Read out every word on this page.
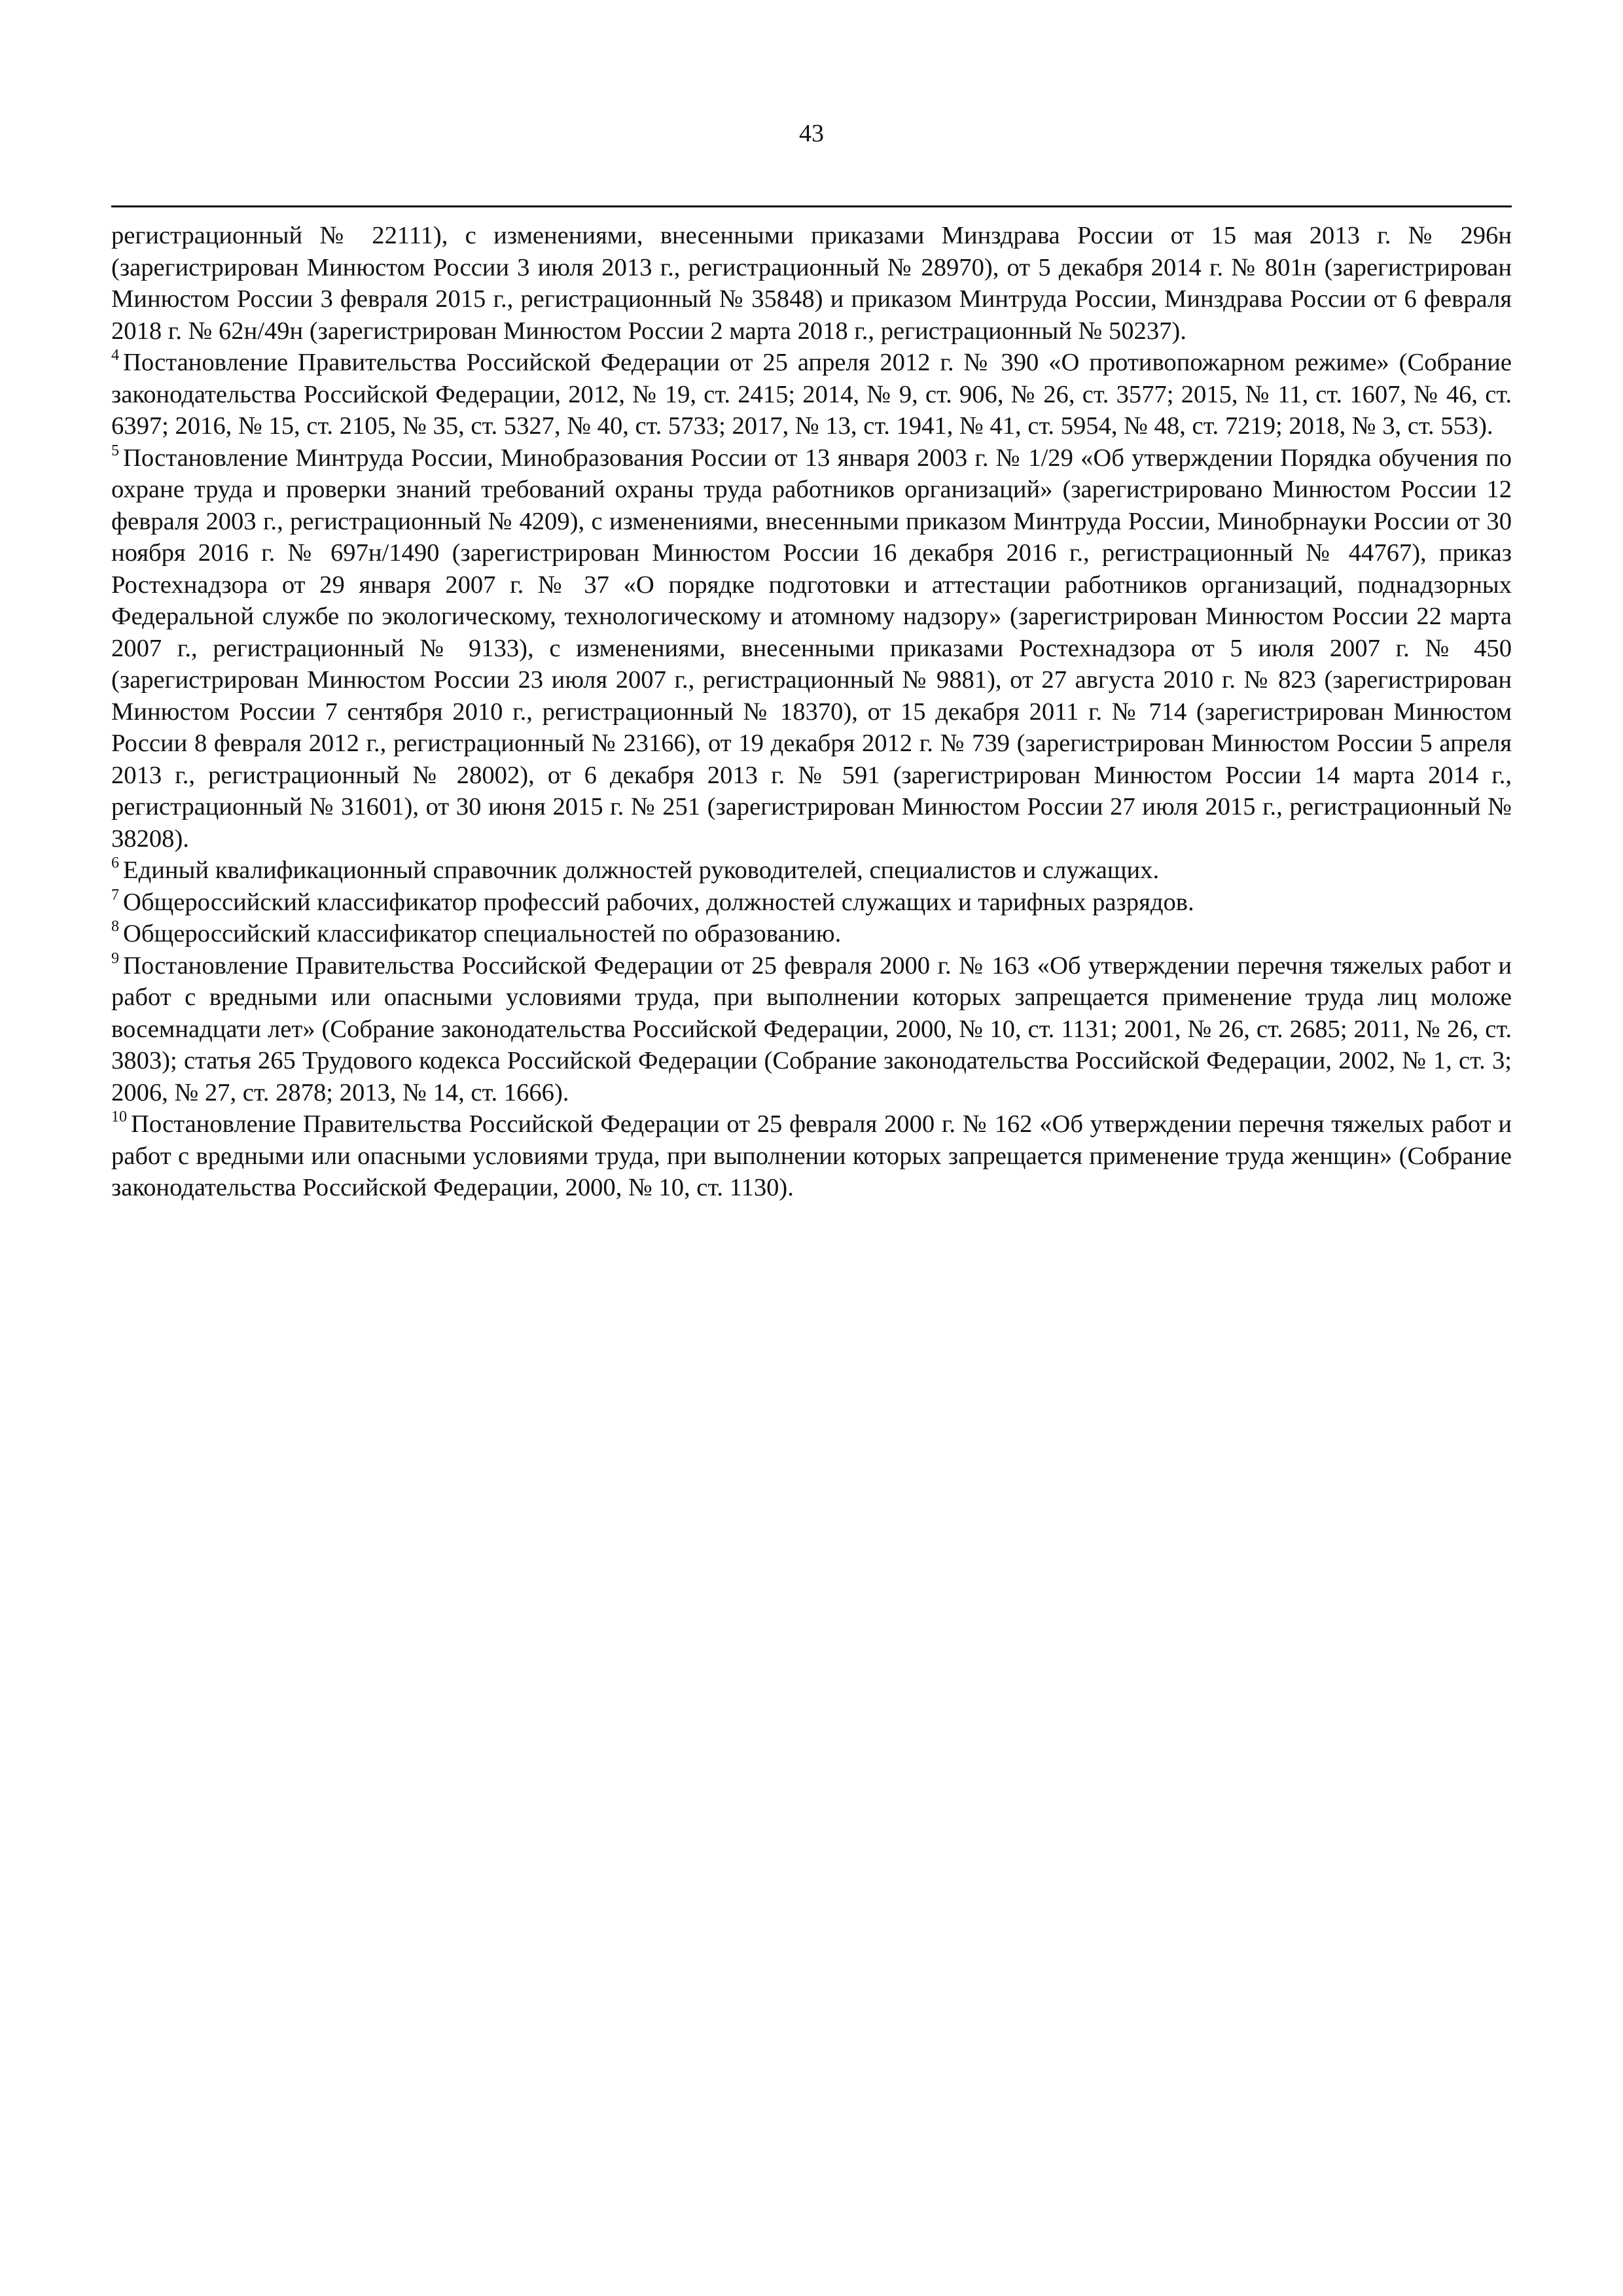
43

регистрационный № 22111), с изменениями, внесенными приказами Минздрава России от 15 мая 2013 г. № 296н (зарегистрирован Минюстом России 3 июля 2013 г., регистрационный № 28970), от 5 декабря 2014 г. № 801н (зарегистрирован Минюстом России 3 февраля 2015 г., регистрационный № 35848) и приказом Минтруда России, Минздрава России от 6 февраля 2018 г. № 62н/49н (зарегистрирован Минюстом России 2 марта 2018 г., регистрационный № 50237).

$^4$ Постановление Правительства Российской Федерации от 25 апреля 2012 г. № 390 «О противопожарном режиме» (Собрание законодательства Российской Федерации, 2012, № 19, ст. 2415; 2014, № 9, ст. 906, № 26, ст. 3577; 2015, № 11, ст. 1607, № 46, ст. 6397; 2016, № 15, ст. 2105, № 35, ст. 5327, № 40, ст. 5733; 2017, № 13, ст. 1941, № 41, ст. 5954, № 48, ст. 7219; 2018, № 3, ст. 553).

$^5$ Постановление Минтруда России, Минобразования России от 13 января 2003 г. № 1/29 «Об утверждении Порядка обучения по охране труда и проверки знаний требований охраны труда работников организаций» (зарегистрировано Минюстом России 12 февраля 2003 г., регистрационный № 4209), с изменениями, внесенными приказом Минтруда России, Минобрнауки России от 30 ноября 2016 г. № 697н/1490 (зарегистрирован Минюстом России 16 декабря 2016 г., регистрационный № 44767), приказ Ростехнадзора от 29 января 2007 г. № 37 «О порядке подготовки и аттестации работников организаций, поднадзорных Федеральной службе по экологическому, технологическому и атомному надзору» (зарегистрирован Минюстом России 22 марта 2007 г., регистрационный № 9133), с изменениями, внесенными приказами Ростехнадзора от 5 июля 2007 г. № 450 (зарегистрирован Минюстом России 23 июля 2007 г., регистрационный № 9881), от 27 августа 2010 г. № 823 (зарегистрирован Минюстом России 7 сентября 2010 г., регистрационный № 18370), от 15 декабря 2011 г. № 714 (зарегистрирован Минюстом России 8 февраля 2012 г., регистрационный № 23166), от 19 декабря 2012 г. № 739 (зарегистрирован Минюстом России 5 апреля 2013 г., регистрационный № 28002), от 6 декабря 2013 г. № 591 (зарегистрирован Минюстом России 14 марта 2014 г., регистрационный № 31601), от 30 июня 2015 г. № 251 (зарегистрирован Минюстом России 27 июля 2015 г., регистрационный № 38208).

$^6$ Единый квалификационный справочник должностей руководителей, специалистов и служащих.

$^7$ Общероссийский классификатор профессий рабочих, должностей служащих и тарифных разрядов.

$^8$ Общероссийский классификатор специальностей по образованию.

$^9$ Постановление Правительства Российской Федерации от 25 февраля 2000 г. № 163 «Об утверждении перечня тяжелых работ и работ с вредными или опасными условиями труда, при выполнении которых запрещается применение труда лиц моложе восемнадцати лет» (Собрание законодательства Российской Федерации, 2000, № 10, ст. 1131; 2001, № 26, ст. 2685; 2011, № 26, ст. 3803); статья 265 Трудового кодекса Российской Федерации (Собрание законодательства Российской Федерации, 2002, № 1, ст. 3; 2006, № 27, ст. 2878; 2013, № 14, ст. 1666).

$^{10}$ Постановление Правительства Российской Федерации от 25 февраля 2000 г. № 162 «Об утверждении перечня тяжелых работ и работ с вредными или опасными условиями труда, при выполнении которых запрещается применение труда женщин» (Собрание законодательства Российской Федерации, 2000, № 10, ст. 1130).
